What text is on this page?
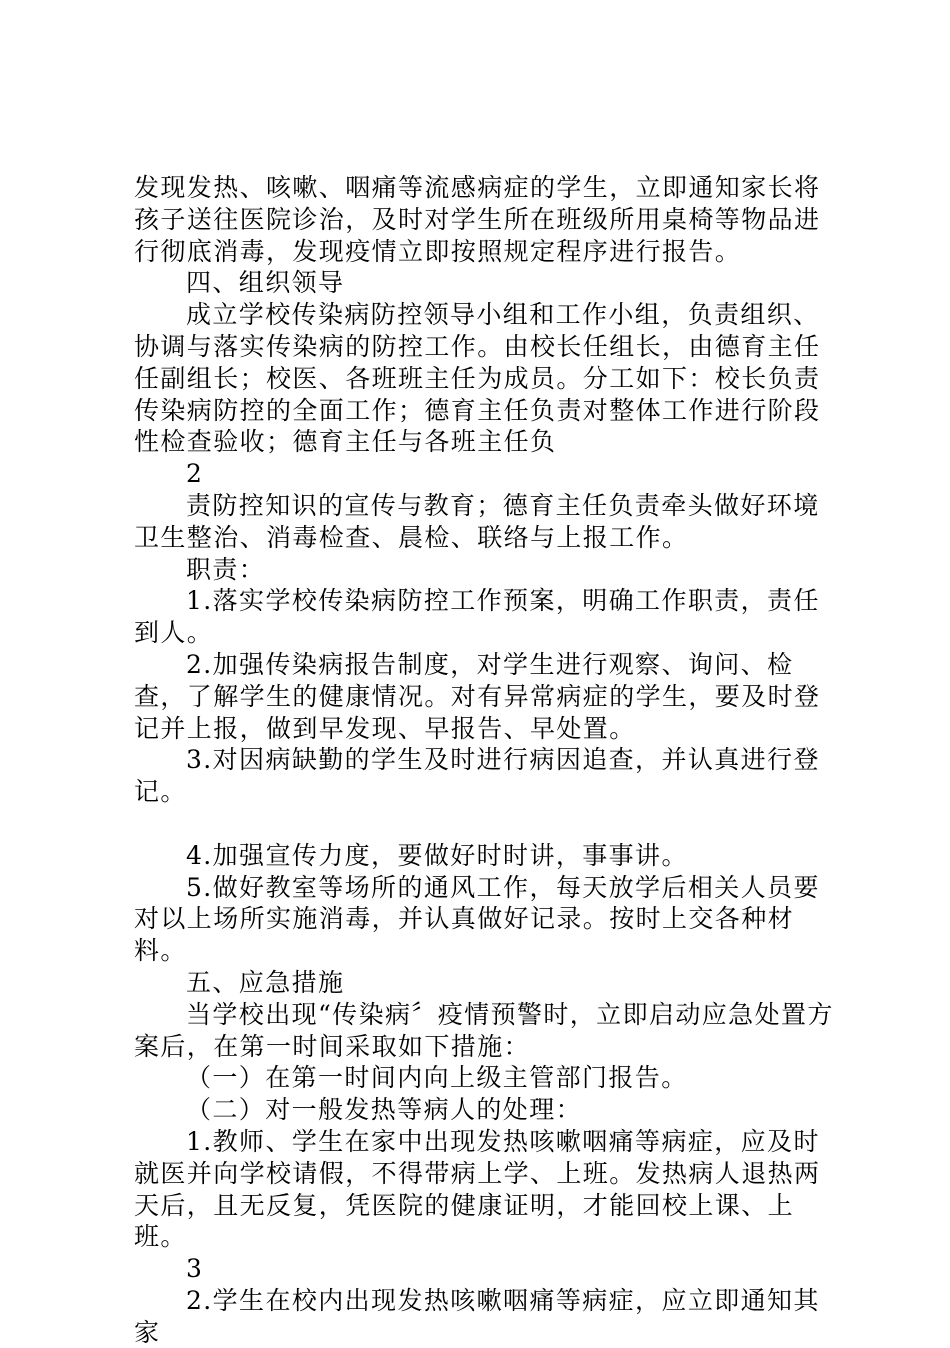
发现发热、咳嗽、咽痛等流感病症的学生，立即通知家长将孩子送往医院诊治，及时对学生所在班级所用桌椅等物品进行彻底消毒，发现疫情立即按照规定程序进行报告。

四、组织领导

成立学校传染病防控领导小组和工作小组，负责组织、协调与落实传染病的防控工作。由校长任组长，由德育主任任副组长；校医、各班班主任为成员。分工如下：校长负责传染病防控的全面工作；德育主任负责对整体工作进行阶段性检查验收；德育主任与各班主任负

2

责防控知识的宣传与教育；德育主任负责牵头做好环境卫生整治、消毒检查、晨检、联络与上报工作。

职责：

1.落实学校传染病防控工作预案，明确工作职责，责任到人。

2.加强传染病报告制度，对学生进行观察、询问、检查，了解学生的健康情况。对有异常病症的学生，要及时登记并上报，做到早发现、早报告、早处置。

3.对因病缺勤的学生及时进行病因追查，并认真进行登记。

4.加强宣传力度，要做好时时讲，事事讲。

5.做好教室等场所的通风工作，每天放学后相关人员要对以上场所实施消毒，并认真做好记录。按时上交各种材料。

五、应急措施

当学校出现“传染病〞疫情预警时，立即启动应急处置方案后，在第一时间采取如下措施：

（一）在第一时间内向上级主管部门报告。

（二）对一般发热等病人的处理：

1.教师、学生在家中出现发热咳嗽咽痛等病症，应及时就医并向学校请假，不得带病上学、上班。发热病人退热两天后，且无反复，凭医院的健康证明，才能回校上课、上班。

3

2.学生在校内出现发热咳嗽咽痛等病症，应立即通知其家
